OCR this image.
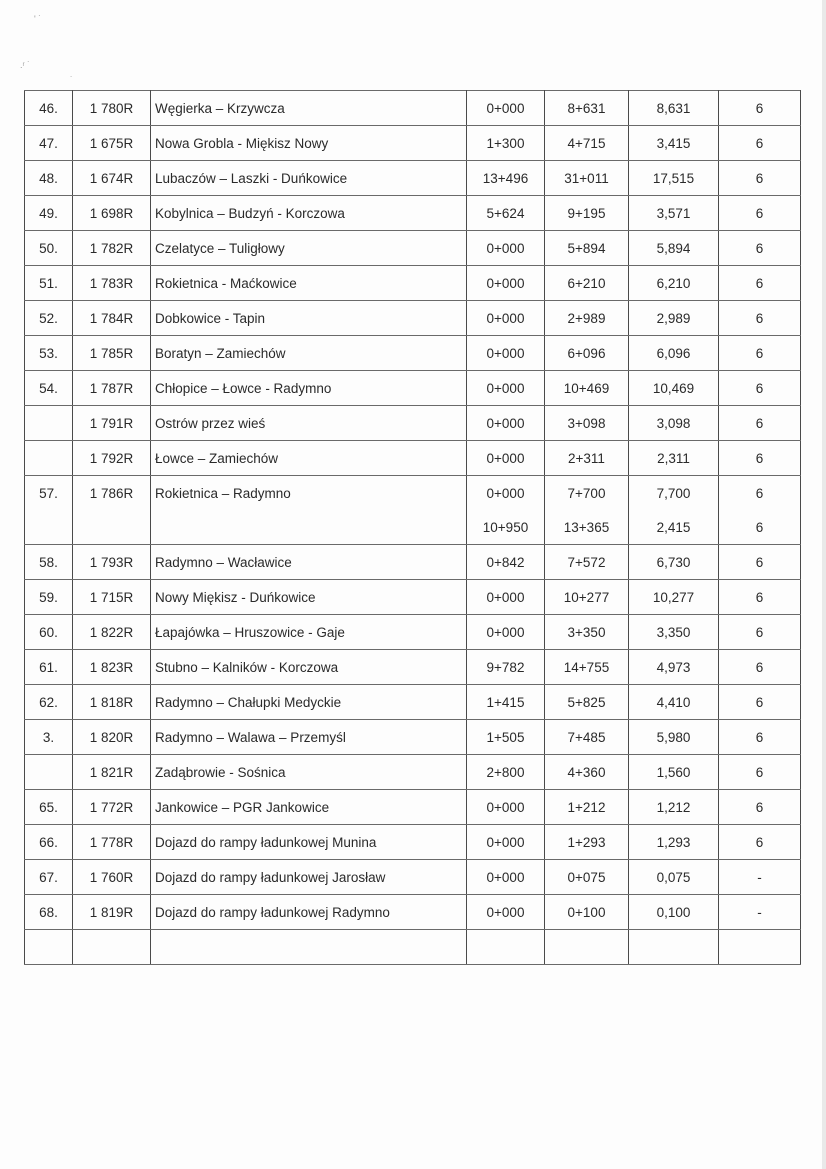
' ˙
.ʳ ˙
˙
46.	1 780R	Węgierka – Krzywcza	0+000	8+631	8,631	6
47.	1 675R	Nowa Grobla - Miękisz Nowy	1+300	4+715	3,415	6
48.	1 674R	Lubaczów – Laszki - Duńkowice	13+496	31+011	17,515	6
49.	1 698R	Kobylnica – Budzyń - Korczowa	5+624	9+195	3,571	6
50.	1 782R	Czelatyce – Tuligłowy	0+000	5+894	5,894	6
51.	1 783R	Rokietnica - Maćkowice	0+000	6+210	6,210	6
52.	1 784R	Dobkowice - Tapin	0+000	2+989	2,989	6
53.	1 785R	Boratyn – Zamiechów	0+000	6+096	6,096	6
54.	1 787R	Chłopice – Łowce - Radymno	0+000	10+469	10,469	6
	1 791R	Ostrów przez wieś	0+000	3+098	3,098	6
	1 792R	Łowce – Zamiechów	0+000	2+311	2,311	6
57.	1 786R	Rokietnica – Radymno	0+000	7+700	7,700	6
			10+950	13+365	2,415	6
58.	1 793R	Radymno – Wacławice	0+842	7+572	6,730	6
59.	1 715R	Nowy Miękisz - Duńkowice	0+000	10+277	10,277	6
60.	1 822R	Łapajówka – Hruszowice - Gaje	0+000	3+350	3,350	6
61.	1 823R	Stubno – Kalników - Korczowa	9+782	14+755	4,973	6
62.	1 818R	Radymno – Chałupki Medyckie	1+415	5+825	4,410	6
3.	1 820R	Radymno – Walawa – Przemyśl	1+505	7+485	5,980	6
	1 821R	Zadąbrowie - Sośnica	2+800	4+360	1,560	6
65.	1 772R	Jankowice – PGR Jankowice	0+000	1+212	1,212	6
66.	1 778R	Dojazd do rampy ładunkowej Munina	0+000	1+293	1,293	6
67.	1 760R	Dojazd do rampy ładunkowej Jarosław	0+000	0+075	0,075	-
68.	1 819R	Dojazd do rampy ładunkowej Radymno	0+000	0+100	0,100	-
